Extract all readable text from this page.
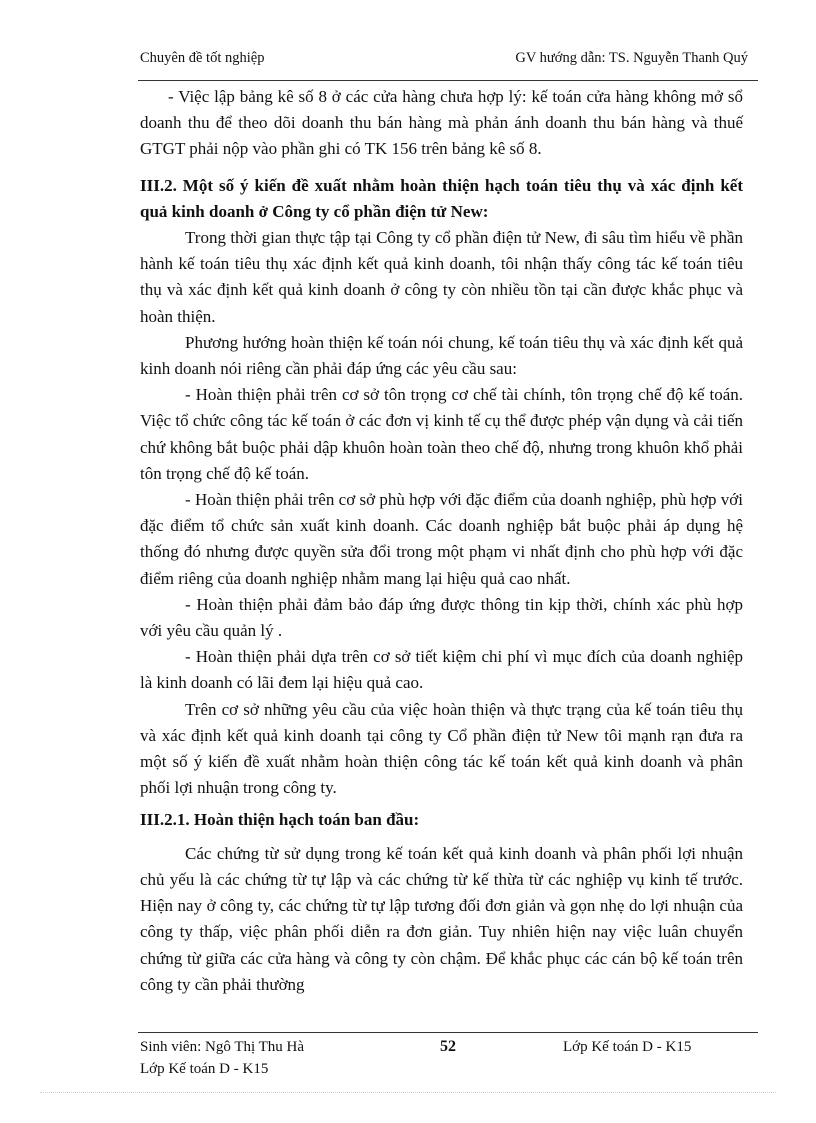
Chuyên đề tốt nghiệp	GV hướng dẫn: TS. Nguyễn Thanh Quý

- Việc lập bảng kê số 8 ở các cửa hàng chưa hợp lý: kế toán cửa hàng không mở sổ doanh thu để theo dõi doanh thu bán hàng mà phản ánh doanh thu bán hàng và thuế GTGT phải nộp vào phần ghi có TK 156 trên bảng kê số 8.

III.2. Một số ý kiến đề xuất nhằm hoàn thiện hạch toán tiêu thụ và xác định kết quả kinh doanh ở Công ty cổ phần điện tử New:

Trong thời gian thực tập tại Công ty cổ phần điện tử New, đi sâu tìm hiểu về phần hành kế toán tiêu thụ xác định kết quả kinh doanh, tôi nhận thấy công tác kế toán tiêu thụ và xác định kết quả kinh doanh ở công ty còn nhiều tồn tại cần được khắc phục và hoàn thiện.

Phương hướng hoàn thiện kế toán nói chung, kế toán tiêu thụ và xác định kết quả kinh doanh nói riêng cần phải đáp ứng các yêu cầu sau:

- Hoàn thiện phải trên cơ sở tôn trọng cơ chế tài chính, tôn trọng chế độ kế toán. Việc tổ chức công tác kế toán ở các đơn vị kinh tế cụ thể được phép vận dụng và cải tiến chứ không bắt buộc phải dập khuôn hoàn toàn theo chế độ, nhưng trong khuôn khổ phải tôn trọng chế độ kế toán.

- Hoàn thiện phải trên cơ sở phù hợp với đặc điểm của doanh nghiệp, phù hợp với đặc điểm tổ chức sản xuất kinh doanh. Các doanh nghiệp bắt buộc phải áp dụng hệ thống đó nhưng được quyền sửa đổi trong một phạm vi nhất định cho phù hợp với đặc điểm riêng của doanh nghiệp nhằm mang lại hiệu quả cao nhất.

- Hoàn thiện phải đảm bảo đáp ứng được thông tin kịp thời, chính xác phù hợp với yêu cầu quản lý .

- Hoàn thiện phải dựa trên cơ sở tiết kiệm chi phí vì mục đích của doanh nghiệp là kinh doanh có lãi đem lại hiệu quả cao.

Trên cơ sở những yêu cầu của việc hoàn thiện và thực trạng của kế toán tiêu thụ và xác định kết quả kinh doanh tại công ty Cổ phần điện tử New tôi mạnh rạn đưa ra một số ý kiến đề xuất nhằm hoàn thiện công tác kế toán kết quả kinh doanh và phân phối lợi nhuận trong công ty.

III.2.1. Hoàn thiện hạch toán ban đầu:

Các chứng từ sử dụng trong kế toán kết quả kinh doanh và phân phối lợi nhuận chủ yếu là các chứng từ tự lập và các chứng từ kế thừa từ các nghiệp vụ kinh tế trước. Hiện nay ở công ty, các chứng từ tự lập tương đối đơn giản và gọn nhẹ do lợi nhuận của công ty thấp, việc phân phối diễn ra đơn giản. Tuy nhiên hiện nay việc luân chuyển chứng từ giữa các cửa hàng và công ty còn chậm. Để khắc phục các cán bộ kế toán trên công ty cần phải thường

Sinh viên: Ngô Thị Thu Hà	52	Lớp Kế toán D - K15
Lớp Kế toán D - K15
